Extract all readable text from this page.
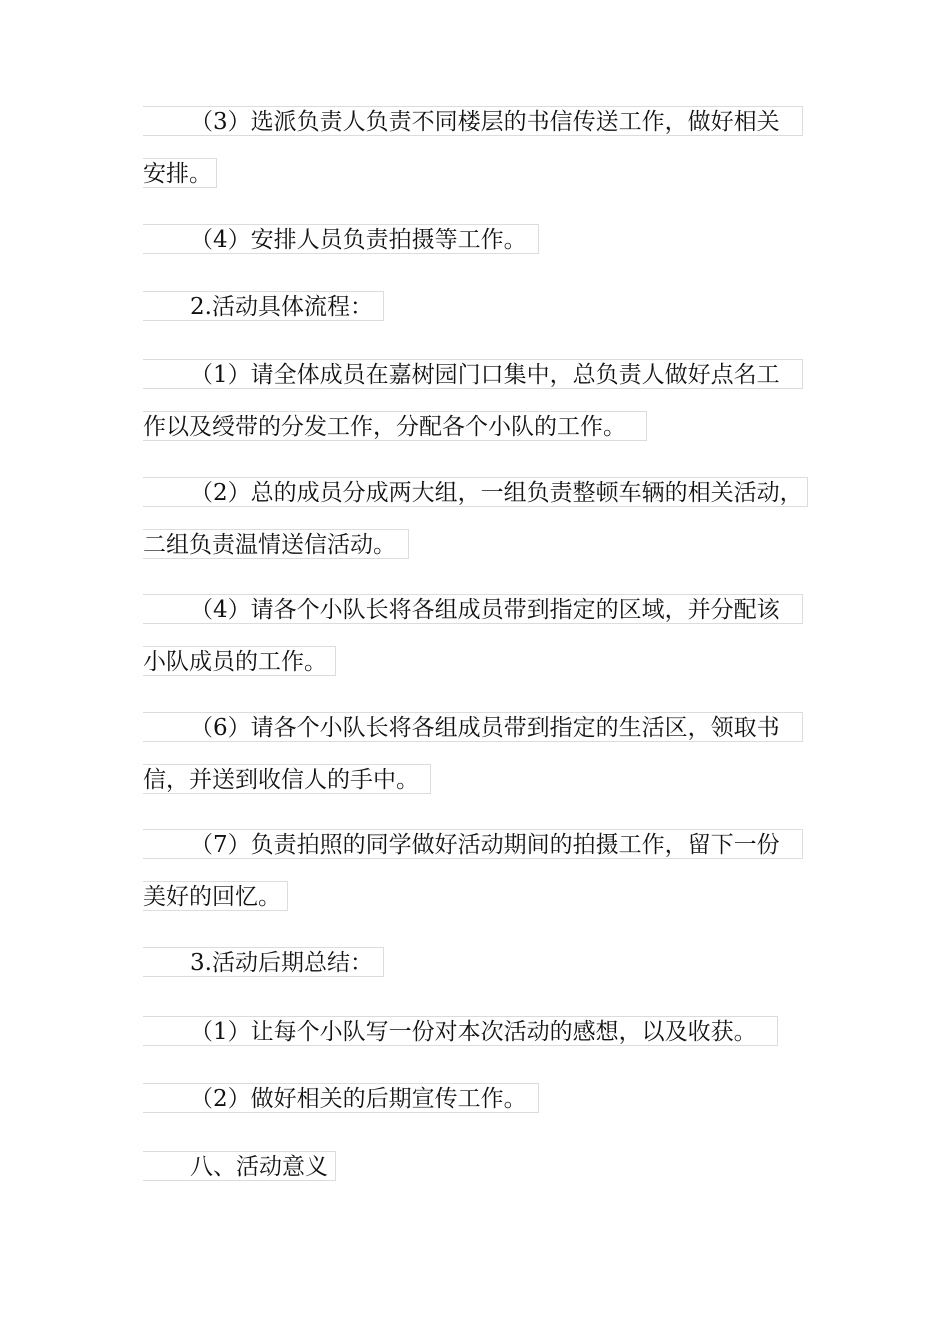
（3）选派负责人负责不同楼层的书信传送工作，做好相关
安排。
（4）安排人员负责拍摄等工作。
2.活动具体流程：
（1）请全体成员在嘉树园门口集中，总负责人做好点名工
作以及绶带的分发工作，分配各个小队的工作。
（2）总的成员分成两大组，一组负责整顿车辆的相关活动，
二组负责温情送信活动。
（4）请各个小队长将各组成员带到指定的区域，并分配该
小队成员的工作。
（6）请各个小队长将各组成员带到指定的生活区，领取书
信，并送到收信人的手中。
（7）负责拍照的同学做好活动期间的拍摄工作，留下一份
美好的回忆。
3.活动后期总结：
（1）让每个小队写一份对本次活动的感想，以及收获。
（2）做好相关的后期宣传工作。
八、活动意义
